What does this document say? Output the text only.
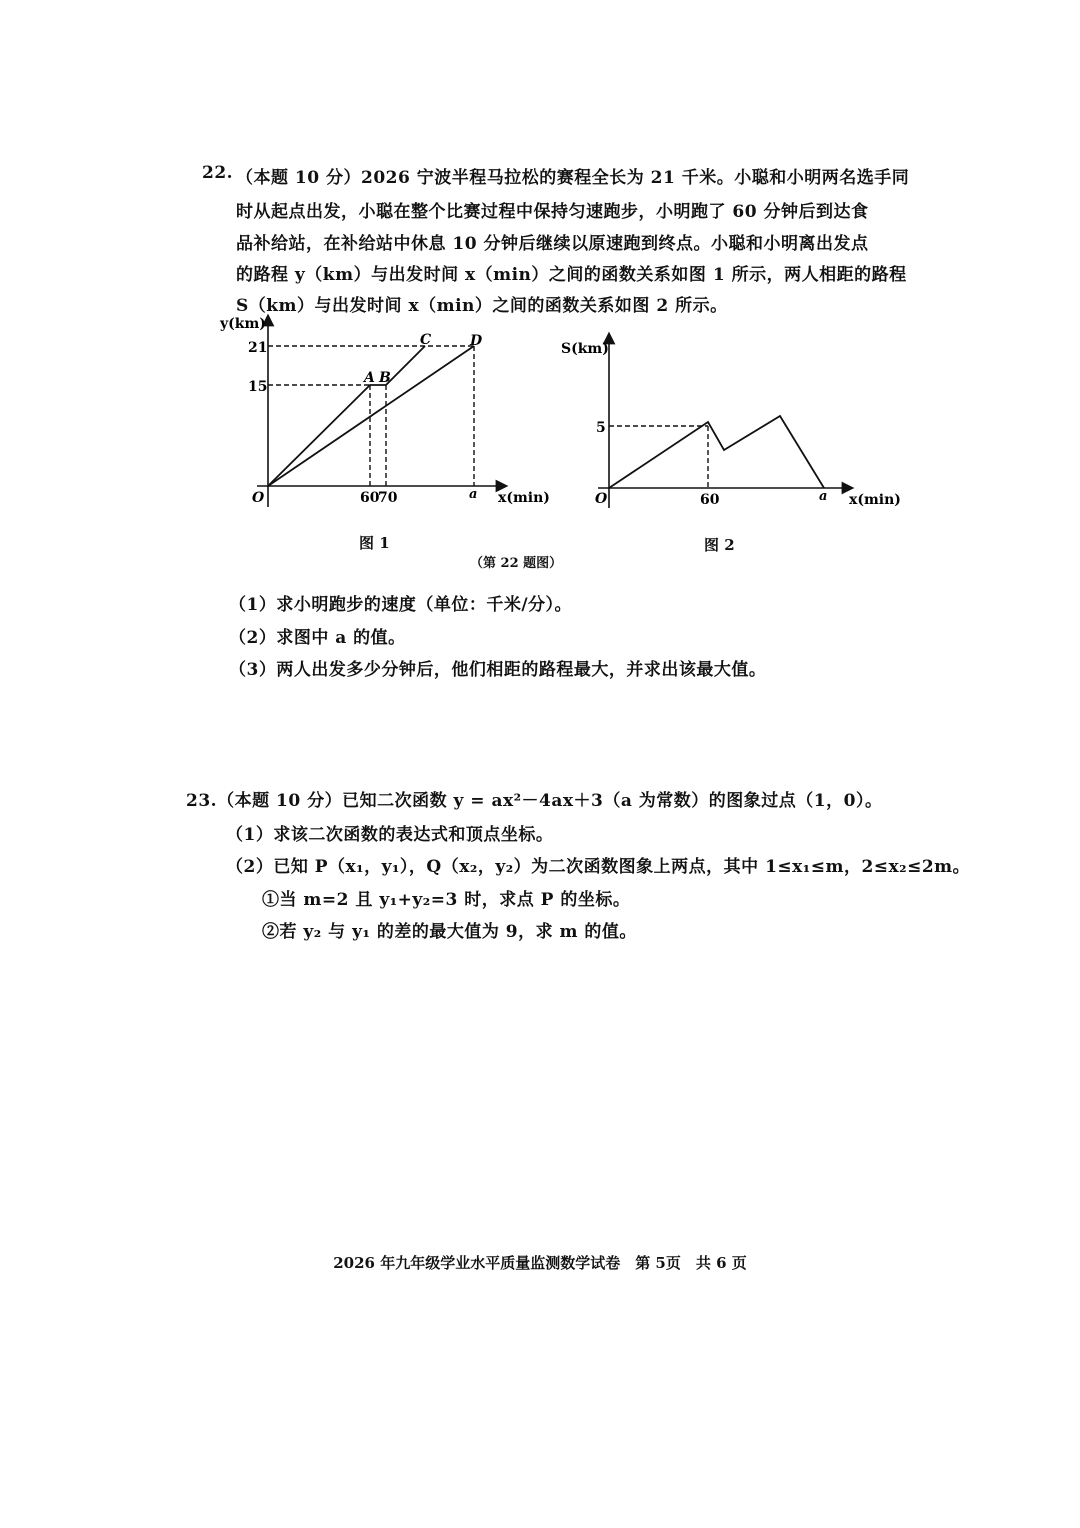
22. （本题 10 分）2026 宁波半程马拉松的赛程全长为 21 千米。小聪和小明两名选手同
时从起点出发，小聪在整个比赛过程中保持匀速跑步，小明跑了 60 分钟后到达食
品补给站，在补给站中休息 10 分钟后继续以原速跑到终点。小聪和小明离出发点
的路程 y（km）与出发时间 x（min）之间的函数关系如图 1 所示，两人相距的路程
S（km）与出发时间 x（min）之间的函数关系如图 2 所示。
y(km)
21
15
O	60
70	a x(min)
A B
C	D	S(km)
5
O	60	a x(min)
图 1	图 2
（第 22 题图）
（1）求小明跑步的速度（单位：千米/分）。
（2）求图中 a 的值。
（3）两人出发多少分钟后，他们相距的路程最大，并求出该最大值。
23.（本题 10 分）已知二次函数 y = ax²－4ax＋3（a 为常数）的图象过点（1，0）。
（1）求该二次函数的表达式和顶点坐标。
（2）已知 P（x₁，y₁），Q（x₂，y₂）为二次函数图象上两点，其中 1≤x₁≤m，2≤x₂≤2m。
①当 m=2 且 y₁+y₂=3 时，求点 P 的坐标。
②若 y₂ 与 y₁ 的差的最大值为 9，求 m 的值。
2026 年九年级学业水平质量监测数学试卷　第 5页　共 6 页
